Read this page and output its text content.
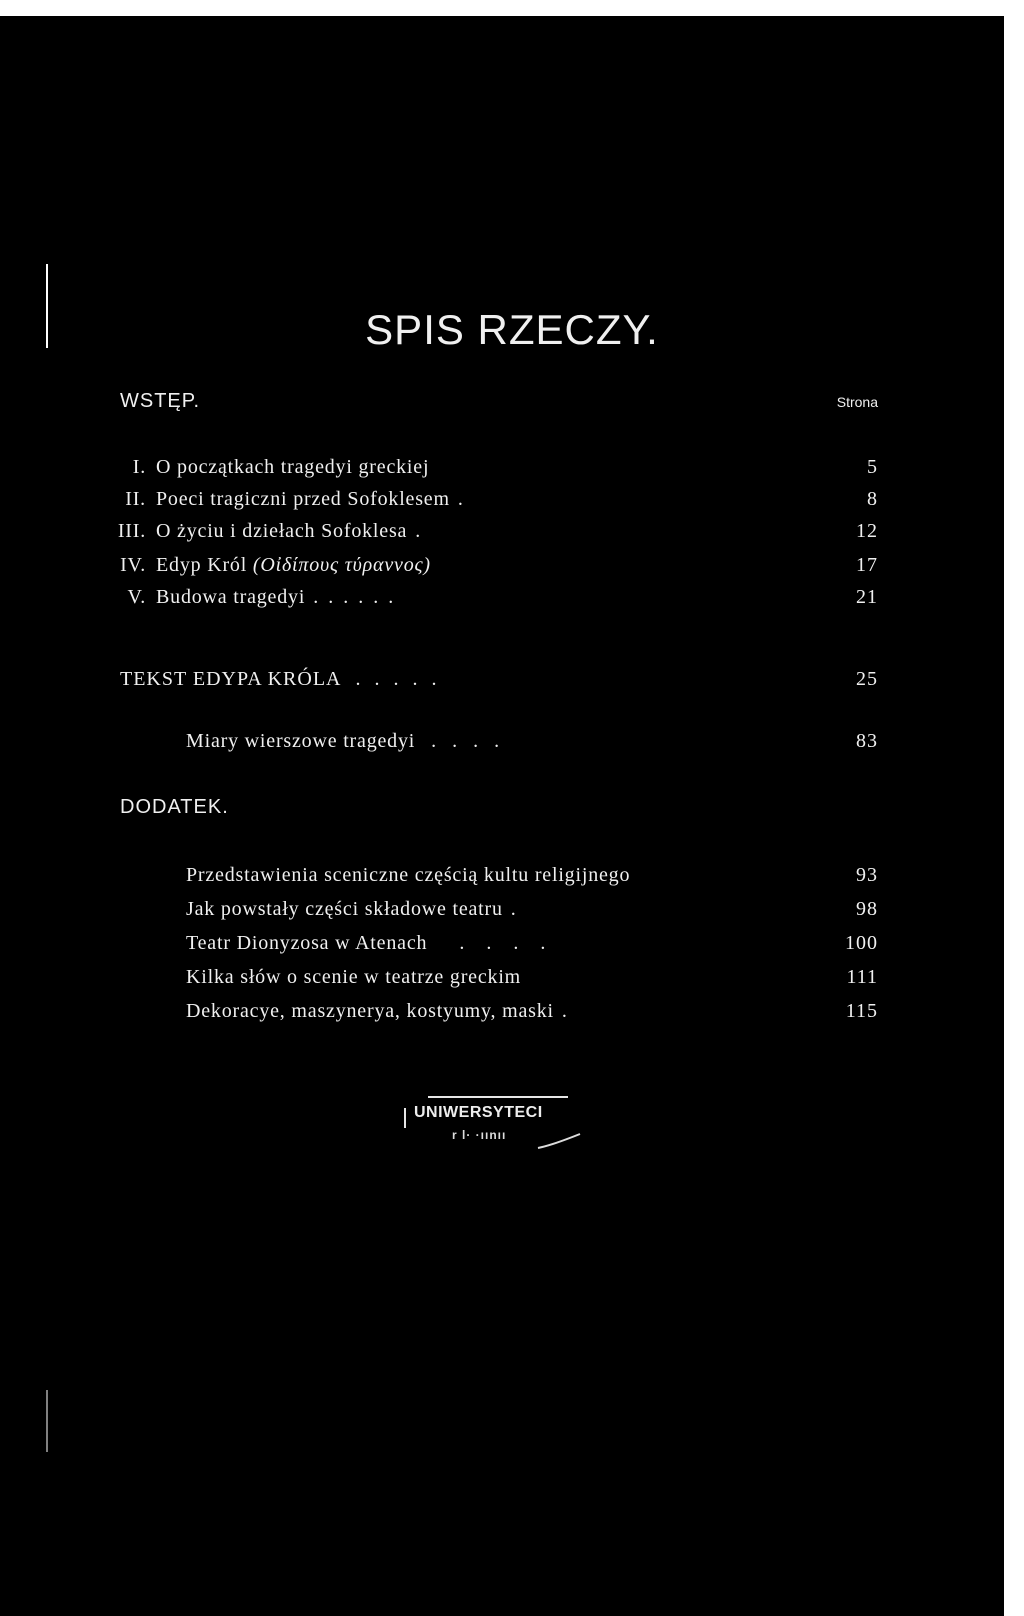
SPIS RZECZY.
WSTĘP.	Strona
I. O początkach tragedyi greckiej	5
II. Poeci tragiczni przed Sofoklesem .	8
III. O życiu i dziełach Sofoklesa .	12
IV. Edyp Król (Οἰδίπους τύραννος)	17
V. Budowa tragedyi ......	21
TEKST EDYPA KRÓLA .....	25
Miary wierszowe tragedyi ....	83
DODATEK.
Przedstawienia sceniczne częścią kultu religijnego	93
Jak powstały części składowe teatru .	98
Teatr Dionyzosa w Atenach ....	100
Kilka słów o scenie w teatrze greckim	111
Dekoracye, maszynerya, kostyumy, maski .	115
UNIWERSYTECI
r l· ·ıınıı
